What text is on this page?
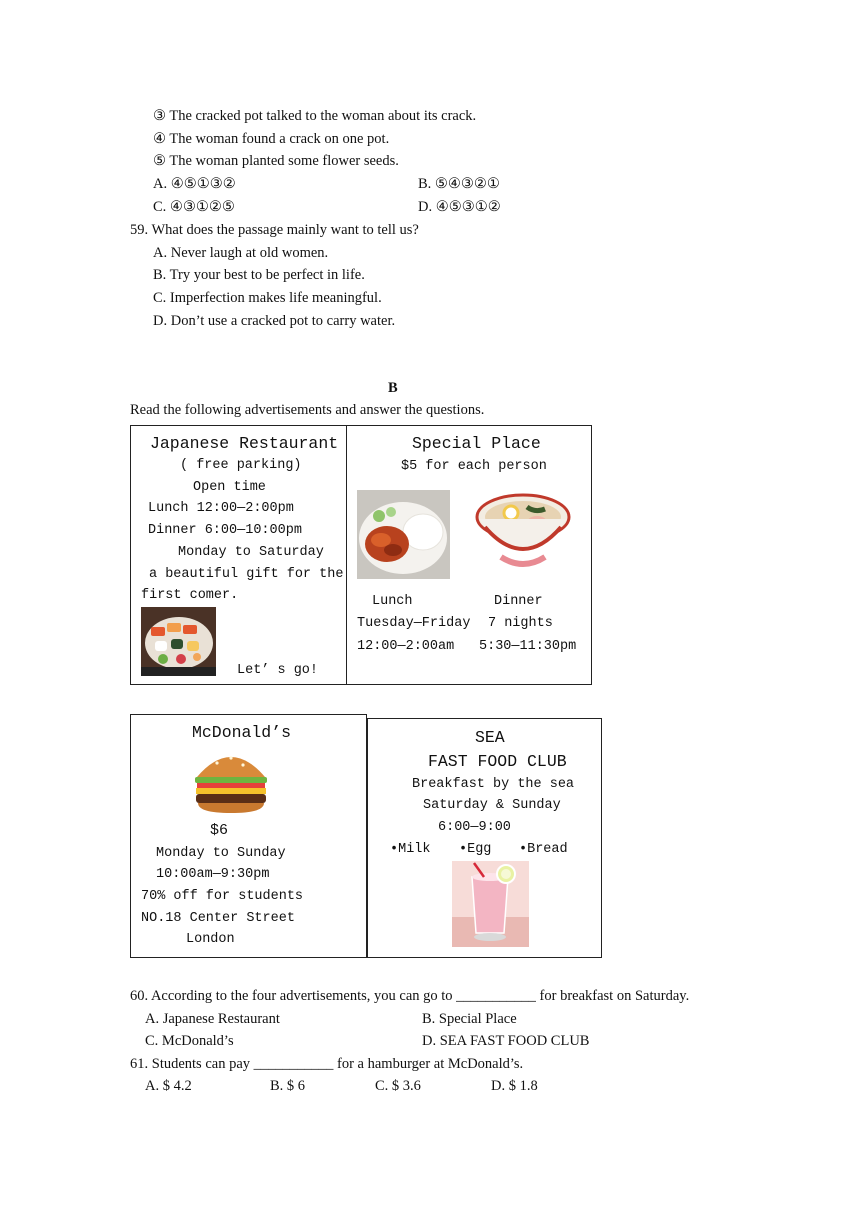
③ The cracked pot talked to the woman about its crack.
④ The woman found a crack on one pot.
⑤ The woman planted some flower seeds.
A. ④⑤①③②	B. ⑤④③②①
C. ④③①②⑤	D. ④⑤③①②
59. What does the passage mainly want to tell us?
A. Never laugh at old women.
B. Try your best to be perfect in life.
C. Imperfection makes life meaningful.
D. Don’t use a cracked pot to carry water.
B
Read the following advertisements and answer the questions.
Japanese Restaurant
( free parking)
Open time
Lunch 12:00—2:00pm
Dinner 6:00—10:00pm
Monday to Saturday
a beautiful gift for the
first comer.
Let’ s go!
Special Place
$5 for each person
Lunch	Dinner
Tuesday—Friday 7 nights
12:00—2:00am 5:30—11:30pm
McDonald’s
$6
Monday to Sunday
10:00am—9:30pm
70% off for students
NO.18 Center Street
London
SEA
FAST FOOD CLUB
Breakfast by the sea
Saturday & Sunday
6:00—9:00
•Milk •Egg •Bread
60. According to the four advertisements, you can go to ___________ for breakfast on Saturday.
A. Japanese Restaurant	B. Special Place
C. McDonald’s	D. SEA FAST FOOD CLUB
61. Students can pay ___________ for a hamburger at McDonald’s.
A. $ 4.2	B. $ 6	C. $ 3.6	D. $ 1.8
